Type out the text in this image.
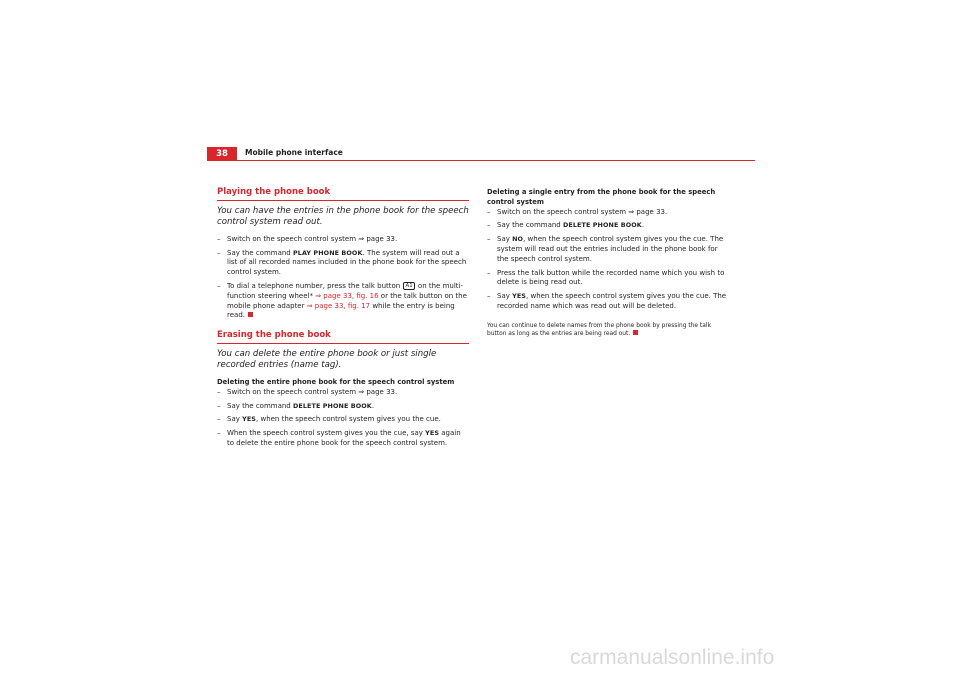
38	Mobile phone interface
Playing the phone book

You can have the entries in the phone book for the speech control system read out.

– Switch on the speech control system ⇒ page 33.
– Say the command PLAY PHONE BOOK. The system will read out a list of all recorded names included in the phone book for the speech control system.
– To dial a telephone number, press the talk button A1 on the multi-function steering wheel* ⇒ page 33, fig. 16 or the talk button on the mobile phone adapter ⇒ page 33, fig. 17 while the entry is being read.
Erasing the phone book

You can delete the entire phone book or just single recorded entries (name tag).

Deleting the entire phone book for the speech control system

– Switch on the speech control system ⇒ page 33.
– Say the command DELETE PHONE BOOK.
– Say YES, when the speech control system gives you the cue.
– When the speech control system gives you the cue, say YES again to delete the entire phone book for the speech control system.

Deleting a single entry from the phone book for the speech control system

– Switch on the speech control system ⇒ page 33.
– Say the command DELETE PHONE BOOK.
– Say NO, when the speech control system gives you the cue. The system will read out the entries included in the phone book for the speech control system.
– Press the talk button while the recorded name which you wish to delete is being read out.
– Say YES, when the speech control system gives you the cue. The recorded name which was read out will be deleted.

You can continue to delete names from the phone book by pressing the talk button as long as the entries are being read out.

carmanualsonline.info
